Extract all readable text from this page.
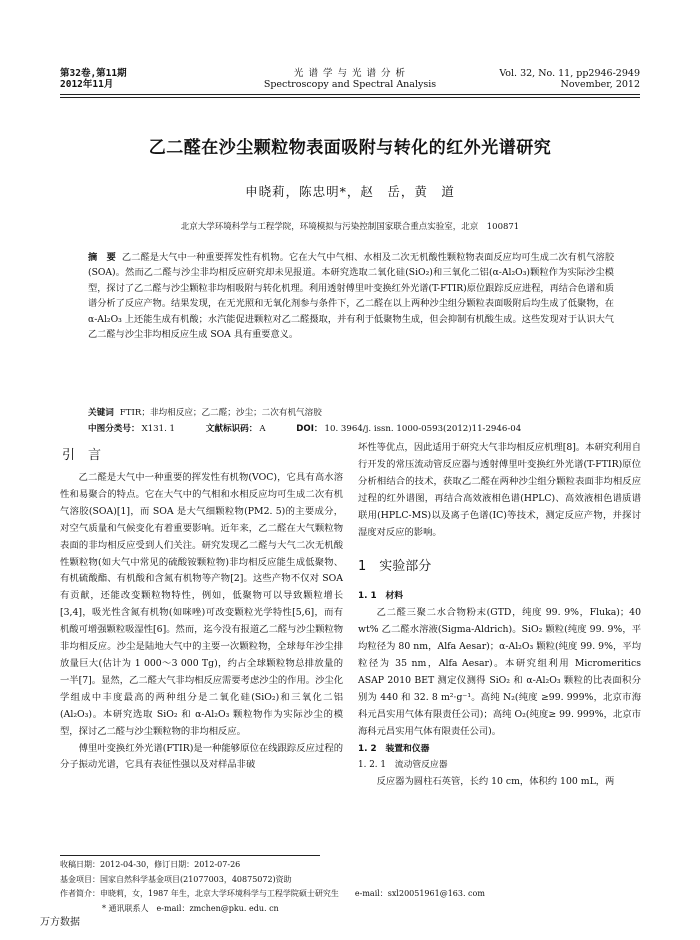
第32卷,第11期
2012年11月
光 谱 学 与 光 谱 分 析
Spectroscopy and Spectral Analysis
Vol. 32, No. 11, pp2946-2949
November, 2012
乙二醛在沙尘颗粒物表面吸附与转化的红外光谱研究
申晓莉，陈忠明*，赵　岳，黄　道
北京大学环境科学与工程学院，环境模拟与污染控制国家联合重点实验室，北京　100871
摘　要 乙二醛是大气中一种重要挥发性有机物。它在大气中气相、水相及二次无机酸性颗粒物表面反应均可生成二次有机气溶胶(SOA)。然而乙二醛与沙尘非均相反应研究却未见报道。本研究选取二氧化硅(SiO₂)和三氧化二铝(α-Al₂O₃)颗粒作为实际沙尘模型，探讨了乙二醛与沙尘颗粒非均相吸附与转化机理。利用透射傅里叶变换红外光谱(T-FTIR)原位跟踪反应进程，再结合色谱和质谱分析了反应产物。结果发现，在无光照和无氧化剂参与条件下，乙二醛在以上两种沙尘组分颗粒表面吸附后均生成了低聚物，在 α-Al₂O₃ 上还能生成有机酸；水汽能促进颗粒对乙二醛摄取，并有利于低聚物生成，但会抑制有机酸生成。这些发现对于认识大气乙二醛与沙尘非均相反应生成 SOA 具有重要意义。
关键词 FTIR；非均相反应；乙二醛；沙尘；二次有机气溶胶
中图分类号： X131. 1	文献标识码： A	DOI： 10. 3964/j. issn. 1000-0593(2012)11-2946-04
引　言

乙二醛是大气中一种重要的挥发性有机物(VOC)，它具有高水溶性和易聚合的特点。它在大气中的气相和水相反应均可生成二次有机气溶胶(SOA)[1]，而 SOA 是大气细颗粒物(PM2. 5)的主要成分，对空气质量和气候变化有着重要影响。近年来，乙二醛在大气颗粒物表面的非均相反应受到人们关注。研究发现乙二醛与大气二次无机酸性颗粒物(如大气中常见的硫酸铵颗粒物)非均相反应能生成低聚物、有机硫酸酯、有机酸和含氮有机物等产物[2]。这些产物不仅对 SOA 有贡献，还能改变颗粒物特性，例如，低聚物可以导致颗粒增长[3,4]，吸光性含氮有机物(如咪唑)可改变颗粒光学特性[5,6]，而有机酸可增强颗粒吸湿性[6]。然而，迄今没有报道乙二醛与沙尘颗粒物非均相反应。沙尘是陆地大气中的主要一次颗粒物，全球每年沙尘排放量巨大(估计为 1 000～3 000 Tg)，约占全球颗粒物总排放量的一半[7]。显然，乙二醛大气非均相反应需要考虑沙尘的作用。沙尘化学组成中丰度最高的两种组分是二氧化硅(SiO₂)和三氧化二铝(Al₂O₃)。本研究选取 SiO₂ 和 α-Al₂O₃ 颗粒物作为实际沙尘的模型，探讨乙二醛与沙尘颗粒物的非均相反应。

傅里叶变换红外光谱(FTIR)是一种能够原位在线跟踪反应过程的分子振动光谱，它具有表征性强以及对样品非破

坏性等优点，因此适用于研究大气非均相反应机理[8]。本研究利用自行开发的常压流动管反应器与透射傅里叶变换红外光谱(T-FTIR)原位分析相结合的技术，获取乙二醛在两种沙尘组分颗粒表面非均相反应过程的红外谱图，再结合高效液相色谱(HPLC)、高效液相色谱质谱联用(HPLC-MS)以及离子色谱(IC)等技术，测定反应产物，并探讨湿度对反应的影响。

1　实验部分
1. 1　材料

乙二醛三聚二水合物粉末(GTD，纯度 99. 9%，Fluka)；40 wt% 乙二醛水溶液(Sigma-Aldrich)。SiO₂ 颗粒(纯度 99. 9%，平均粒径为 80 nm，Alfa Aesar)；α-Al₂O₃ 颗粒(纯度 99. 9%，平均粒径为 35 nm，Alfa Aesar)。本研究组利用 Micromeritics ASAP 2010 BET 测定仪测得 SiO₂ 和 α-Al₂O₃ 颗粒的比表面积分别为 440 和 32. 8 m²·g⁻¹。高纯 N₂(纯度 ≥99. 999%，北京市海科元昌实用气体有限责任公司)；高纯 O₂(纯度≥ 99. 999%，北京市海科元昌实用气体有限责任公司)。

1. 2　装置和仪器
1. 2. 1　流动管反应器

反应器为圆柱石英管，长约 10 cm，体积约 100 mL，两

收稿日期：2012-04-30，修订日期：2012-07-26
基金项目：国家自然科学基金项目(21077003，40875072)资助
作者简介：申晓莉，女，1987 年生，北京大学环境科学与工程学院硕士研究生　　e-mail：sxl20051961@163. com
* 通讯联系人　e-mail：zmchen@pku. edu. cn
万方数据
